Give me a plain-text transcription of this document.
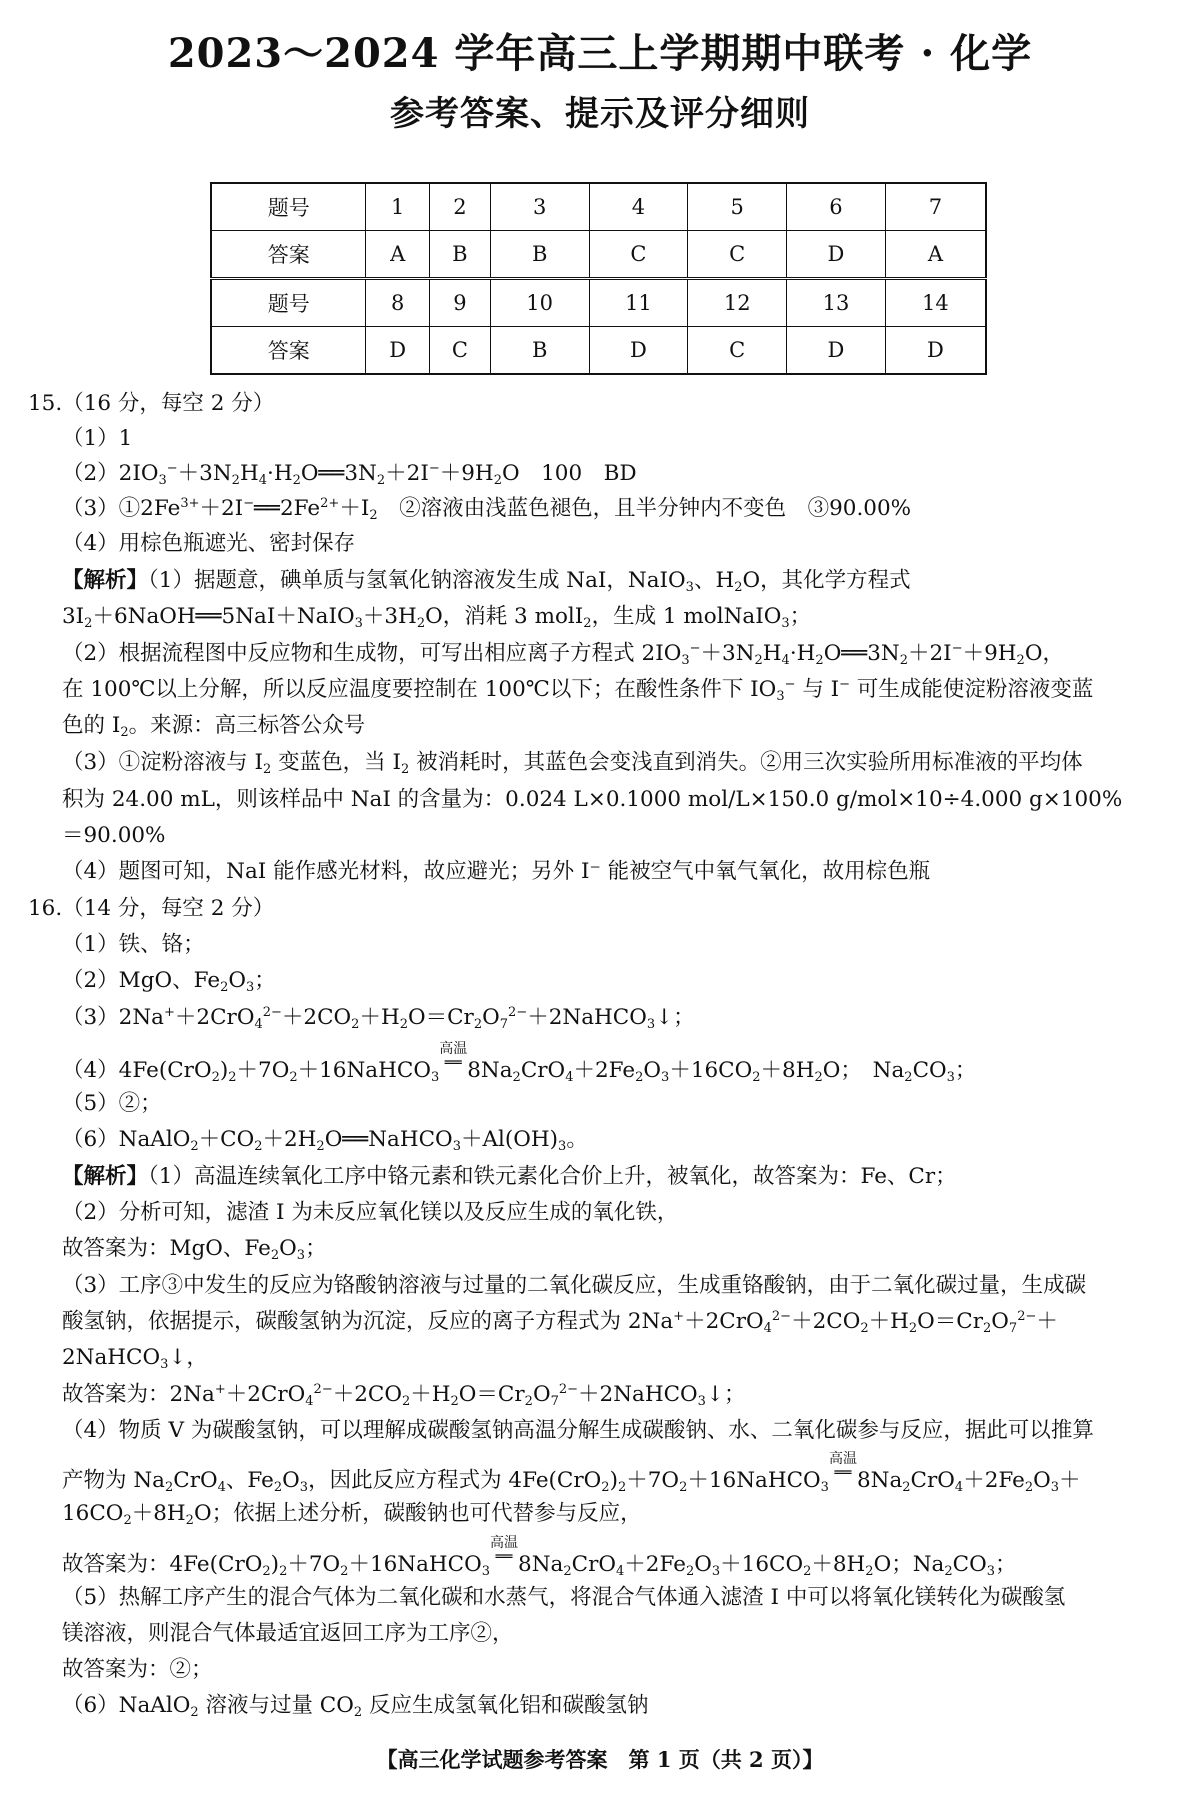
2023～2024 学年高三上学期期中联考 · 化学
参考答案、提示及评分细则
题号	1	2	3	4	5	6	7
答案	A	B	B	C	C	D	A
题号	8	9	10	11	12	13	14
答案	D	C	B	D	C	D	D
15.（16 分，每空 2 分）
（1）1
（2）2IO3−＋3N2H4·H2O══3N2＋2I−＋9H2O　100　BD
$(3)①2Fe^{3+}+2I^-══2Fe^{2+}+I2$　②溶液由浅蓝色褪色，且半分钟内不变色　③90.00%
（4）用棕色瓶遮光、密封保存
【解析】（1）据题意，碘单质与氢氧化钠溶液发生成 NaI，NaIO3、H2O，其化学方程式
3I2＋6NaOH══5NaI＋NaIO3＋3H2O，消耗 3 molI2，生成 1 molNaIO3；
（2）根据流程图中反应物和生成物，可写出相应离子方程式 2IO3−＋3N2H4·H2O══3N2＋2I−＋9H2O，
在 100℃以上分解，所以反应温度要控制在 100℃以下；在酸性条件下 IO3− 与 I− 可生成能使淀粉溶液变蓝
色的 I2。来源：高三标答公众号
（3）①淀粉溶液与 I2 变蓝色，当 I2 被消耗时，其蓝色会变浅直到消失。②用三次实验所用标准液的平均体
积为 24.00 mL，则该样品中 NaI 的含量为：0.024 L×0.1000 mol/L×150.0 g/mol×10÷4.000 g×100%
＝90.00%
（4）题图可知，NaI 能作感光材料，故应避光；另外 I⁻ 能被空气中氧气氧化，故用棕色瓶
16.（14 分，每空 2 分）
（1）铁、铬；
（2）MgO、Fe2O3；
$(3)2Na^++2CrO4^{2-}+2CO2+H2O=Cr2O7^{2-}+2NaHCO3↓$；
（4）4Fe(CrO2)2＋7O2＋16NaHCO3高温
══ 8Na2CrO4＋2Fe2O3＋16CO2＋8H2O；　Na2CO3；
（5）②；
（6）NaAlO2＋CO2＋2H2O══NaHCO3＋Al(OH)3。
【解析】（1）高温连续氧化工序中铬元素和铁元素化合价上升，被氧化，故答案为：Fe、Cr；
（2）分析可知，滤渣 I 为未反应氧化镁以及反应生成的氧化铁，
故答案为：MgO、Fe2O3；
（3）工序③中发生的反应为铬酸钠溶液与过量的二氧化碳反应，生成重铬酸钠，由于二氧化碳过量，生成碳
酸氢钠，依据提示，碳酸氢钠为沉淀，反应的离子方程式为 $2Na^++2CrO4^{2-}+2CO2+H2O=Cr2O7^{2-}+$
2NaHCO3↓，
故答案为：$2Na^++2CrO4^{2-}+2CO2+H2O=Cr2O7^{2-}+2NaHCO3↓$；
（4）物质 V 为碳酸氢钠，可以理解成碳酸氢钠高温分解生成碳酸钠、水、二氧化碳参与反应，据此可以推算
产物为 Na2CrO4、Fe2O3，因此反应方程式为 4Fe(CrO2)2＋7O2＋16NaHCO3高温
══ 8Na2CrO4＋2Fe2O3＋
16CO2＋8H2O；依据上述分析，碳酸钠也可代替参与反应，
故答案为：4Fe(CrO2)2＋7O2＋16NaHCO3高温
══ 8Na2CrO4＋2Fe2O3＋16CO2＋8H2O；Na2CO3；
（5）热解工序产生的混合气体为二氧化碳和水蒸气，将混合气体通入滤渣 I 中可以将氧化镁转化为碳酸氢
镁溶液，则混合气体最适宜返回工序为工序②，
故答案为：②；
（6）NaAlO2 溶液与过量 CO2 反应生成氢氧化铝和碳酸氢钠
【高三化学试题参考答案　第 1 页（共 2 页）】
